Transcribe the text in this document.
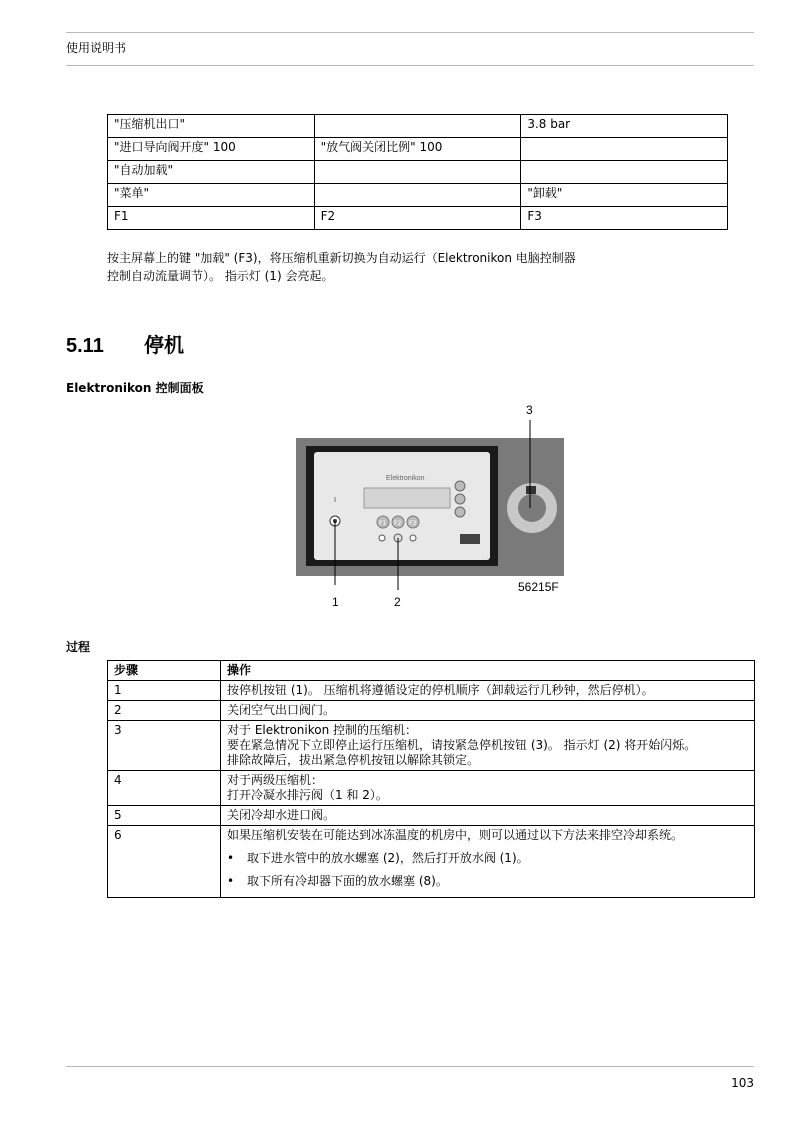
使用说明书
"压缩机出口"		3.8 bar
"进口导向阀开度" 100	"放气阀关闭比例" 100	
"自动加载"		
"菜单"		"卸载"
F1	F2	F3
按主屏幕上的键 "加载" (F3)，将压缩机重新切换为自动运行（Elektronikon 电脑控制器控制自动流量调节）。 指示灯 (1) 会亮起。
5.11 停机
Elektronikon 控制面板
Elektronikon
I
F1 F2 F3
3
1	2
56215F
过程
步骤	操作
1	按停机按钮 (1)。 压缩机将遵循设定的停机顺序（卸载运行几秒钟，然后停机）。

2	关闭空气出口阀门。

3	对于 Elektronikon 控制的压缩机：
要在紧急情况下立即停止运行压缩机，请按紧急停机按钮 (3)。 指示灯 (2) 将开始闪烁。
排除故障后，拔出紧急停机按钮以解除其锁定。

4	对于两级压缩机：
打开冷凝水排污阀（1 和 2）。

5	关闭冷却水进口阀。

6	如果压缩机安装在可能达到冰冻温度的机房中，则可以通过以下方法来排空冷却系统。
• 取下进水管中的放水螺塞 (2)，然后打开放水阀 (1)。
• 取下所有冷却器下面的放水螺塞 (8)。
103
